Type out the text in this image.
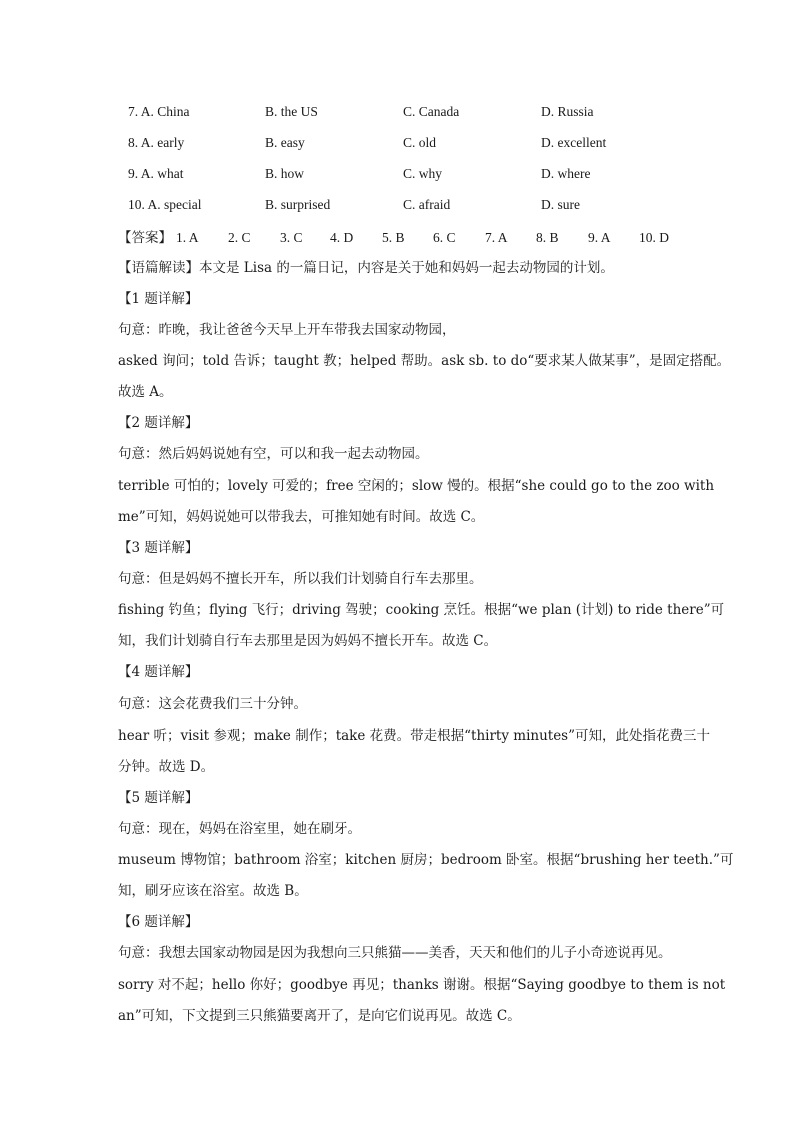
7. A. China	B. the US	C. Canada	D. Russia
8. A. early	B. easy	C. old	D. excellent
9. A. what	B. how	C. why	D. where
10. A. special	B. surprised	C. afraid	D. sure
【答案】 1. A 2. C 3. C 4. D 5. B 6. C 7. A 8. B 9. A 10. D
【语篇解读】本文是 Lisa 的一篇日记，内容是关于她和妈妈一起去动物园的计划。
【1 题详解】
句意：昨晚，我让爸爸今天早上开车带我去国家动物园，
asked 询问；told 告诉；taught 教；helped 帮助。ask sb. to do“要求某人做某事”，是固定搭配。
故选 A。
【2 题详解】
句意：然后妈妈说她有空，可以和我一起去动物园。
terrible 可怕的；lovely 可爱的；free 空闲的；slow 慢的。根据“she could go to the zoo with
me”可知，妈妈说她可以带我去，可推知她有时间。故选 C。
【3 题详解】
句意：但是妈妈不擅长开车，所以我们计划骑自行车去那里。
fishing 钓鱼；flying 飞行；driving 驾驶；cooking 烹饪。根据“we plan (计划) to ride there”可
知，我们计划骑自行车去那里是因为妈妈不擅长开车。故选 C。
【4 题详解】
句意：这会花费我们三十分钟。
hear 听；visit 参观；make 制作；take 花费。带走根据“thirty minutes”可知，此处指花费三十
分钟。故选 D。
【5 题详解】
句意：现在，妈妈在浴室里，她在刷牙。
museum 博物馆；bathroom 浴室；kitchen 厨房；bedroom 卧室。根据“brushing her teeth.”可
知，刷牙应该在浴室。故选 B。
【6 题详解】
句意：我想去国家动物园是因为我想向三只熊猫——美香，天天和他们的儿子小奇迹说再见。
sorry 对不起；hello 你好；goodbye 再见；thanks 谢谢。根据“Saying goodbye to them is not
an”可知，下文提到三只熊猫要离开了，是向它们说再见。故选 C。
